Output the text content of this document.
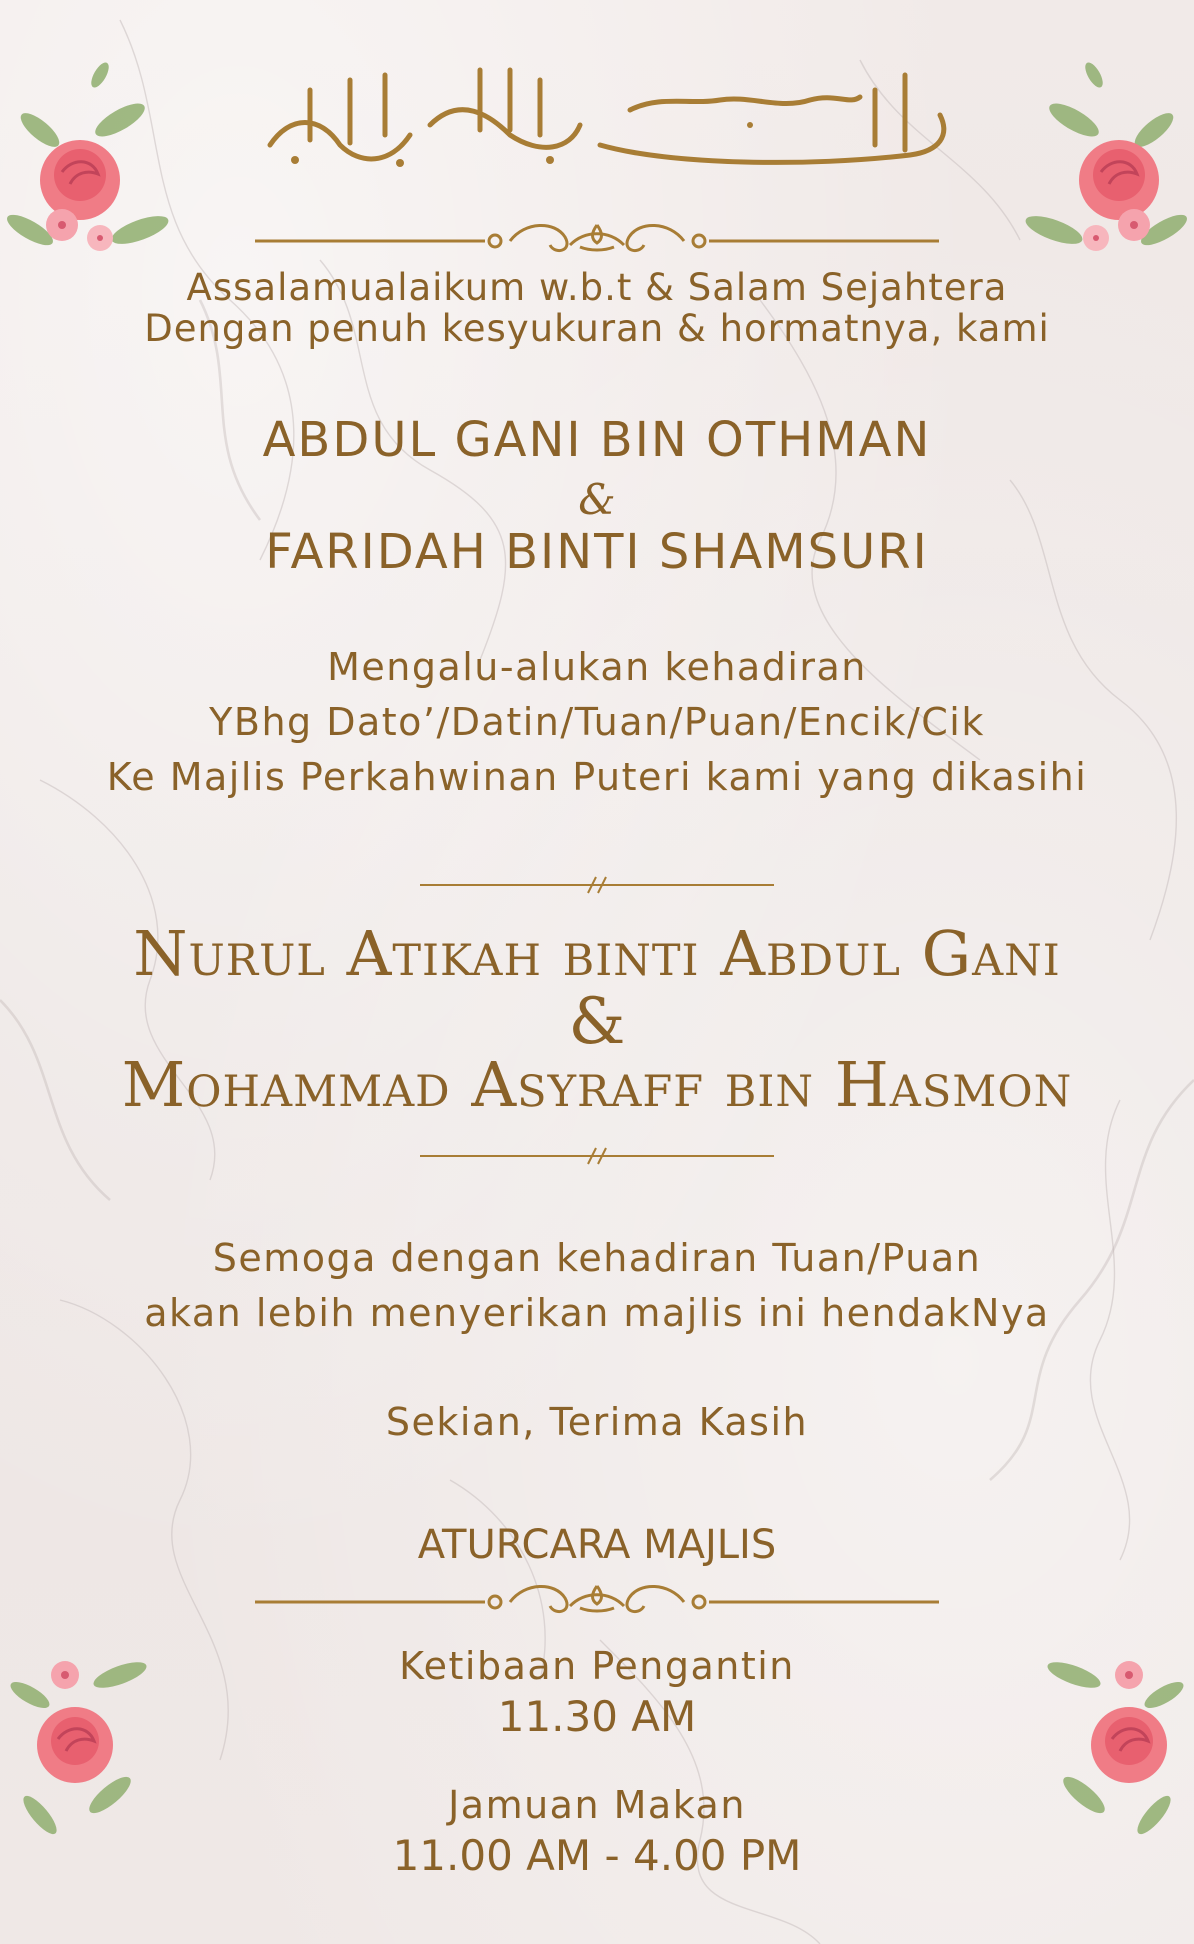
Assalamualaikum w.b.t & Salam Sejahtera
Dengan penuh kesyukuran & hormatnya, kami
ABDUL GANI BIN OTHMAN
&
FARIDAH BINTI SHAMSURI
Mengalu-alukan kehadiran
YBhg Dato’/Datin/Tuan/Puan/Encik/Cik
Ke Majlis Perkahwinan Puteri kami yang dikasihi
Nurul Atikah binti Abdul Gani
&
Mohammad Asyraff bin Hasmon
Semoga dengan kehadiran Tuan/Puan
akan lebih menyerikan majlis ini hendakNya
Sekian, Terima Kasih
ATURCARA MAJLIS
Ketibaan Pengantin
11.30 AM
Jamuan Makan
11.00 AM - 4.00 PM
